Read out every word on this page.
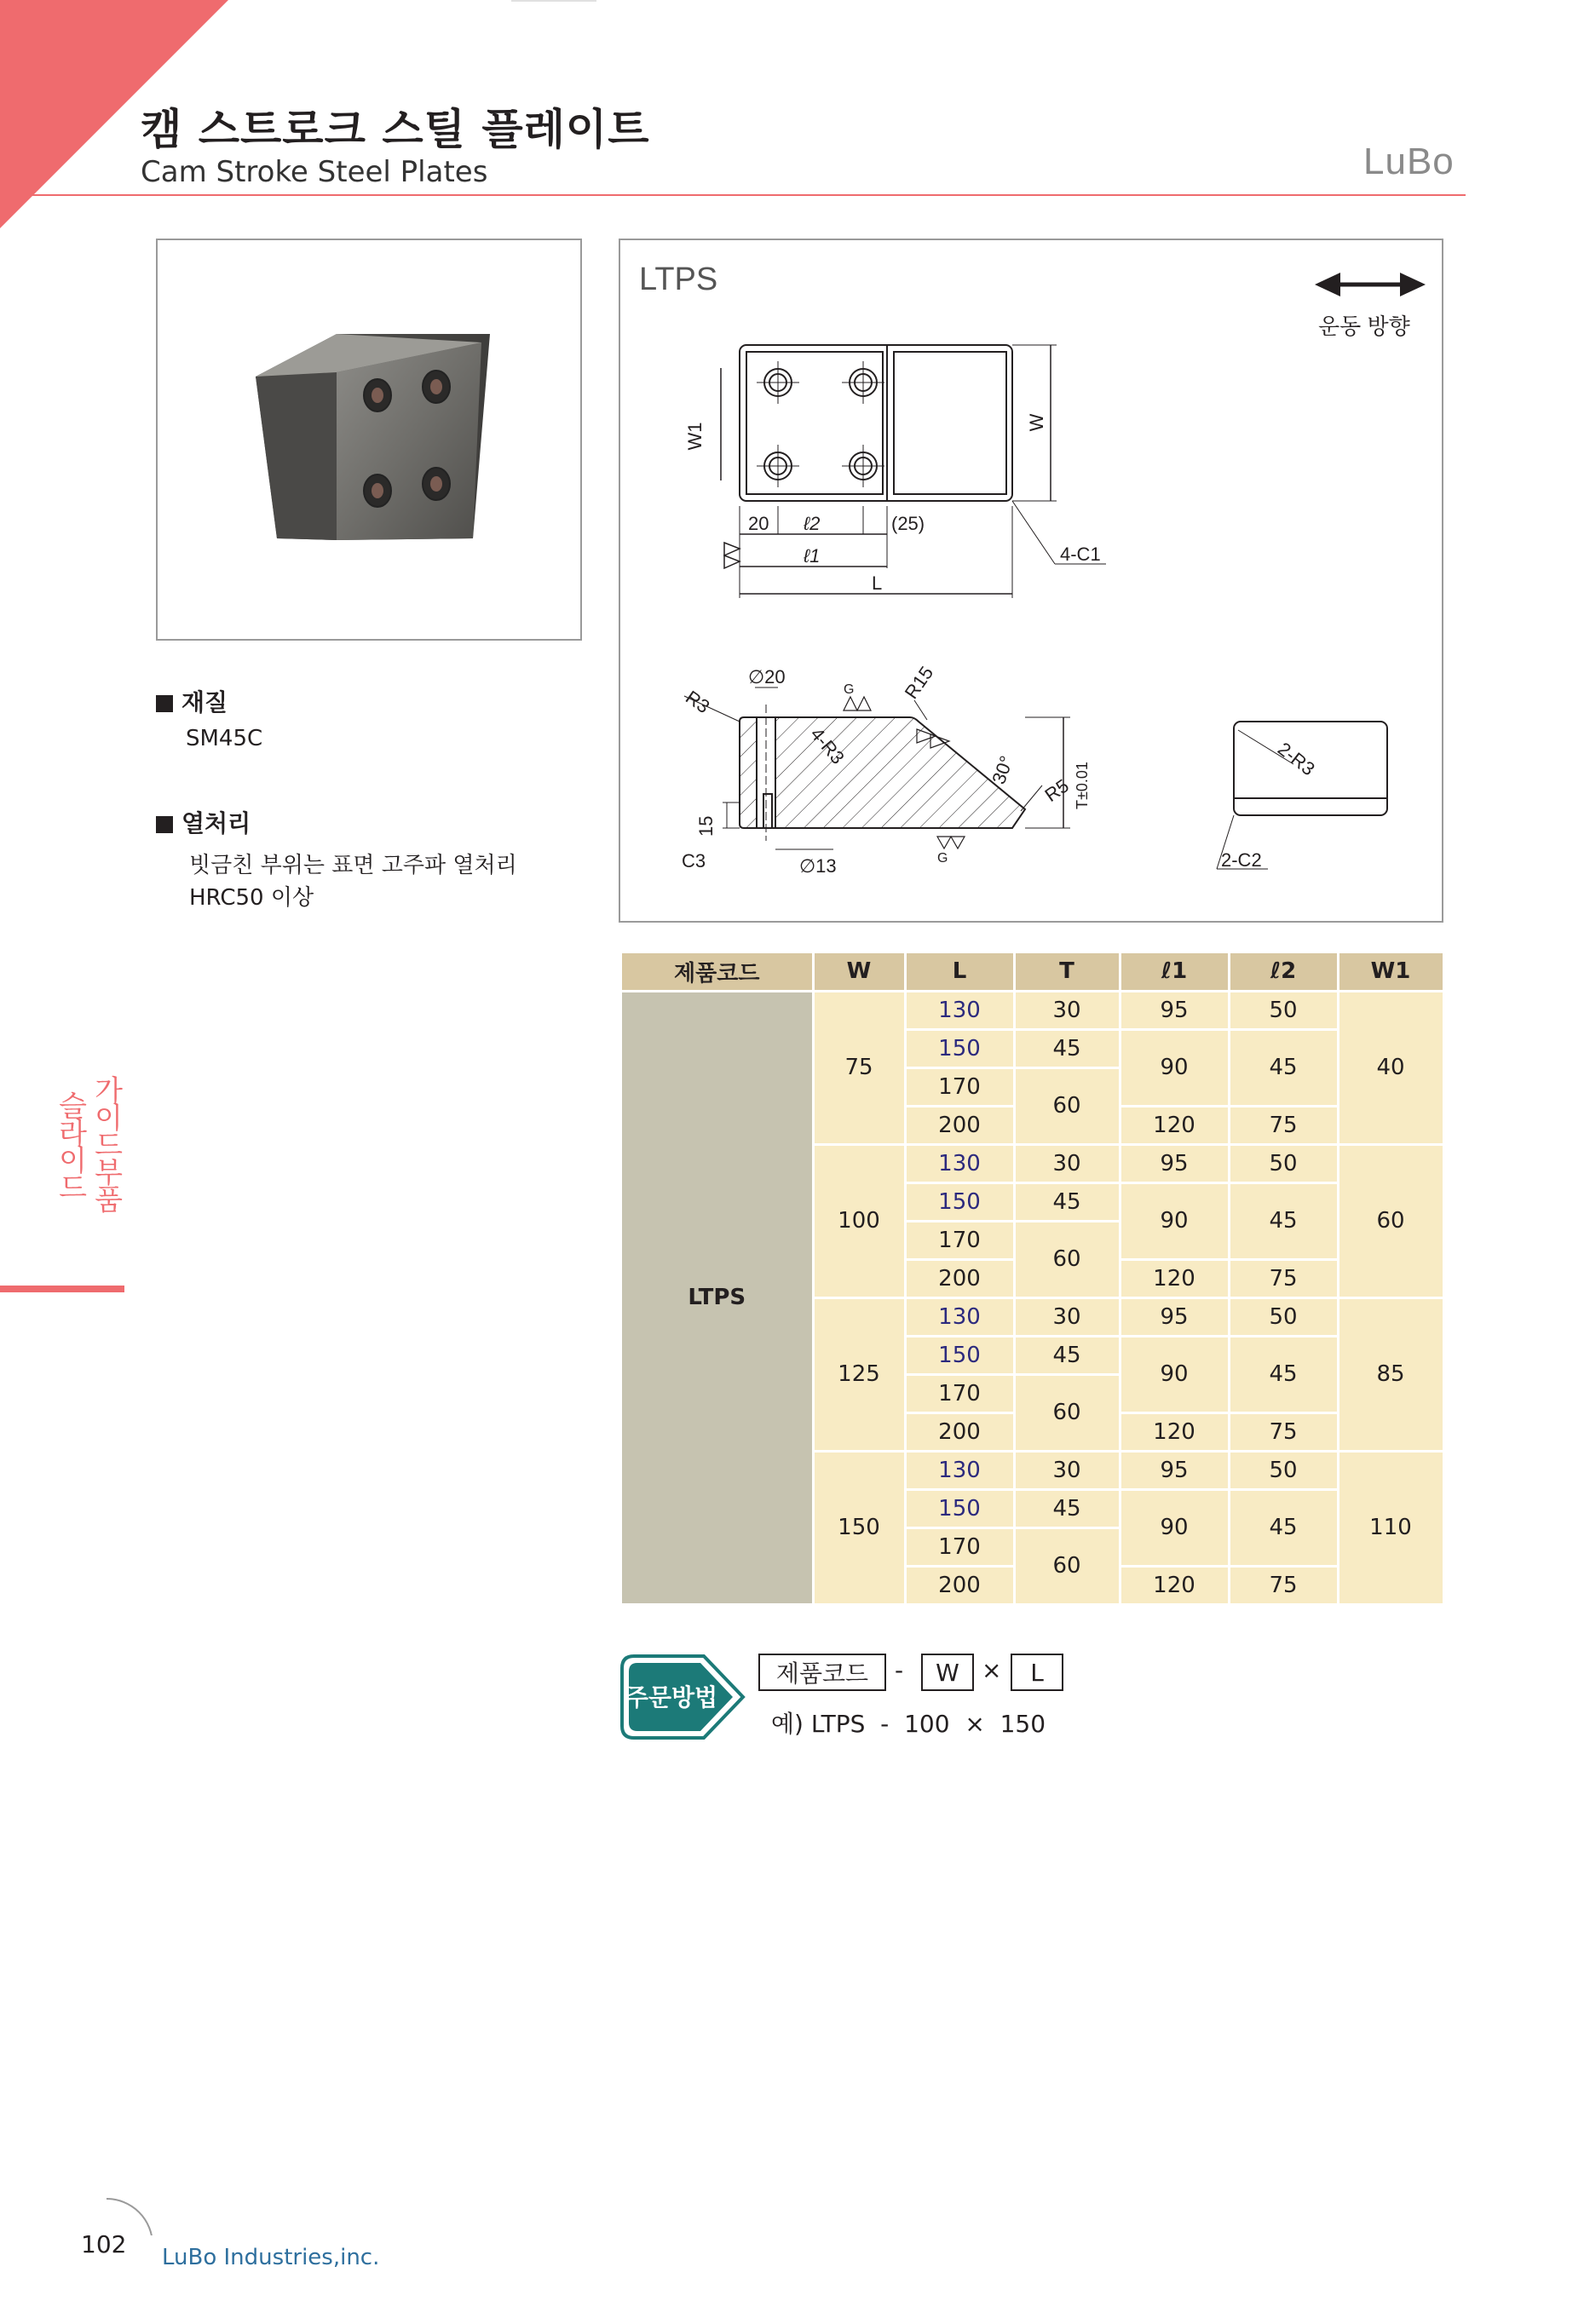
캠 스트로크 스틸 플레이트
Cam Stroke Steel Plates	LuBo
재질
SM45C
열처리
빗금친 부위는 표면 고주파 열처리
HRC50 이상
슬라이드 가이드부품
LTPS
운동 방향
W1	W
20 ℓ2	(25)
ℓ1
L
4-C1
R3
∅20
G R15
4-R3
30°
R5 T±0.01
15
C3	∅13	G
2-R3
2-C2
제품코드	W	L	T	ℓ1	ℓ2	W1
LTPS	75	130	30	95	50	40
		150	45	90	45	
		170	60			
		200		120	75	
	100	130	30	95	50	60
		150	45	90	45	
		170	60			
		200		120	75	
	125	130	30	95	50	85
		150	45	90	45	
		170	60			
		200		120	75	
	150	130	30	95	50	110
		150	45	90	45	
		170	60			
		200		120	75	
주문방법
제품코드	-	W ×	L
예) LTPS  -  100  ×  150
102 LuBo Industries,inc.
